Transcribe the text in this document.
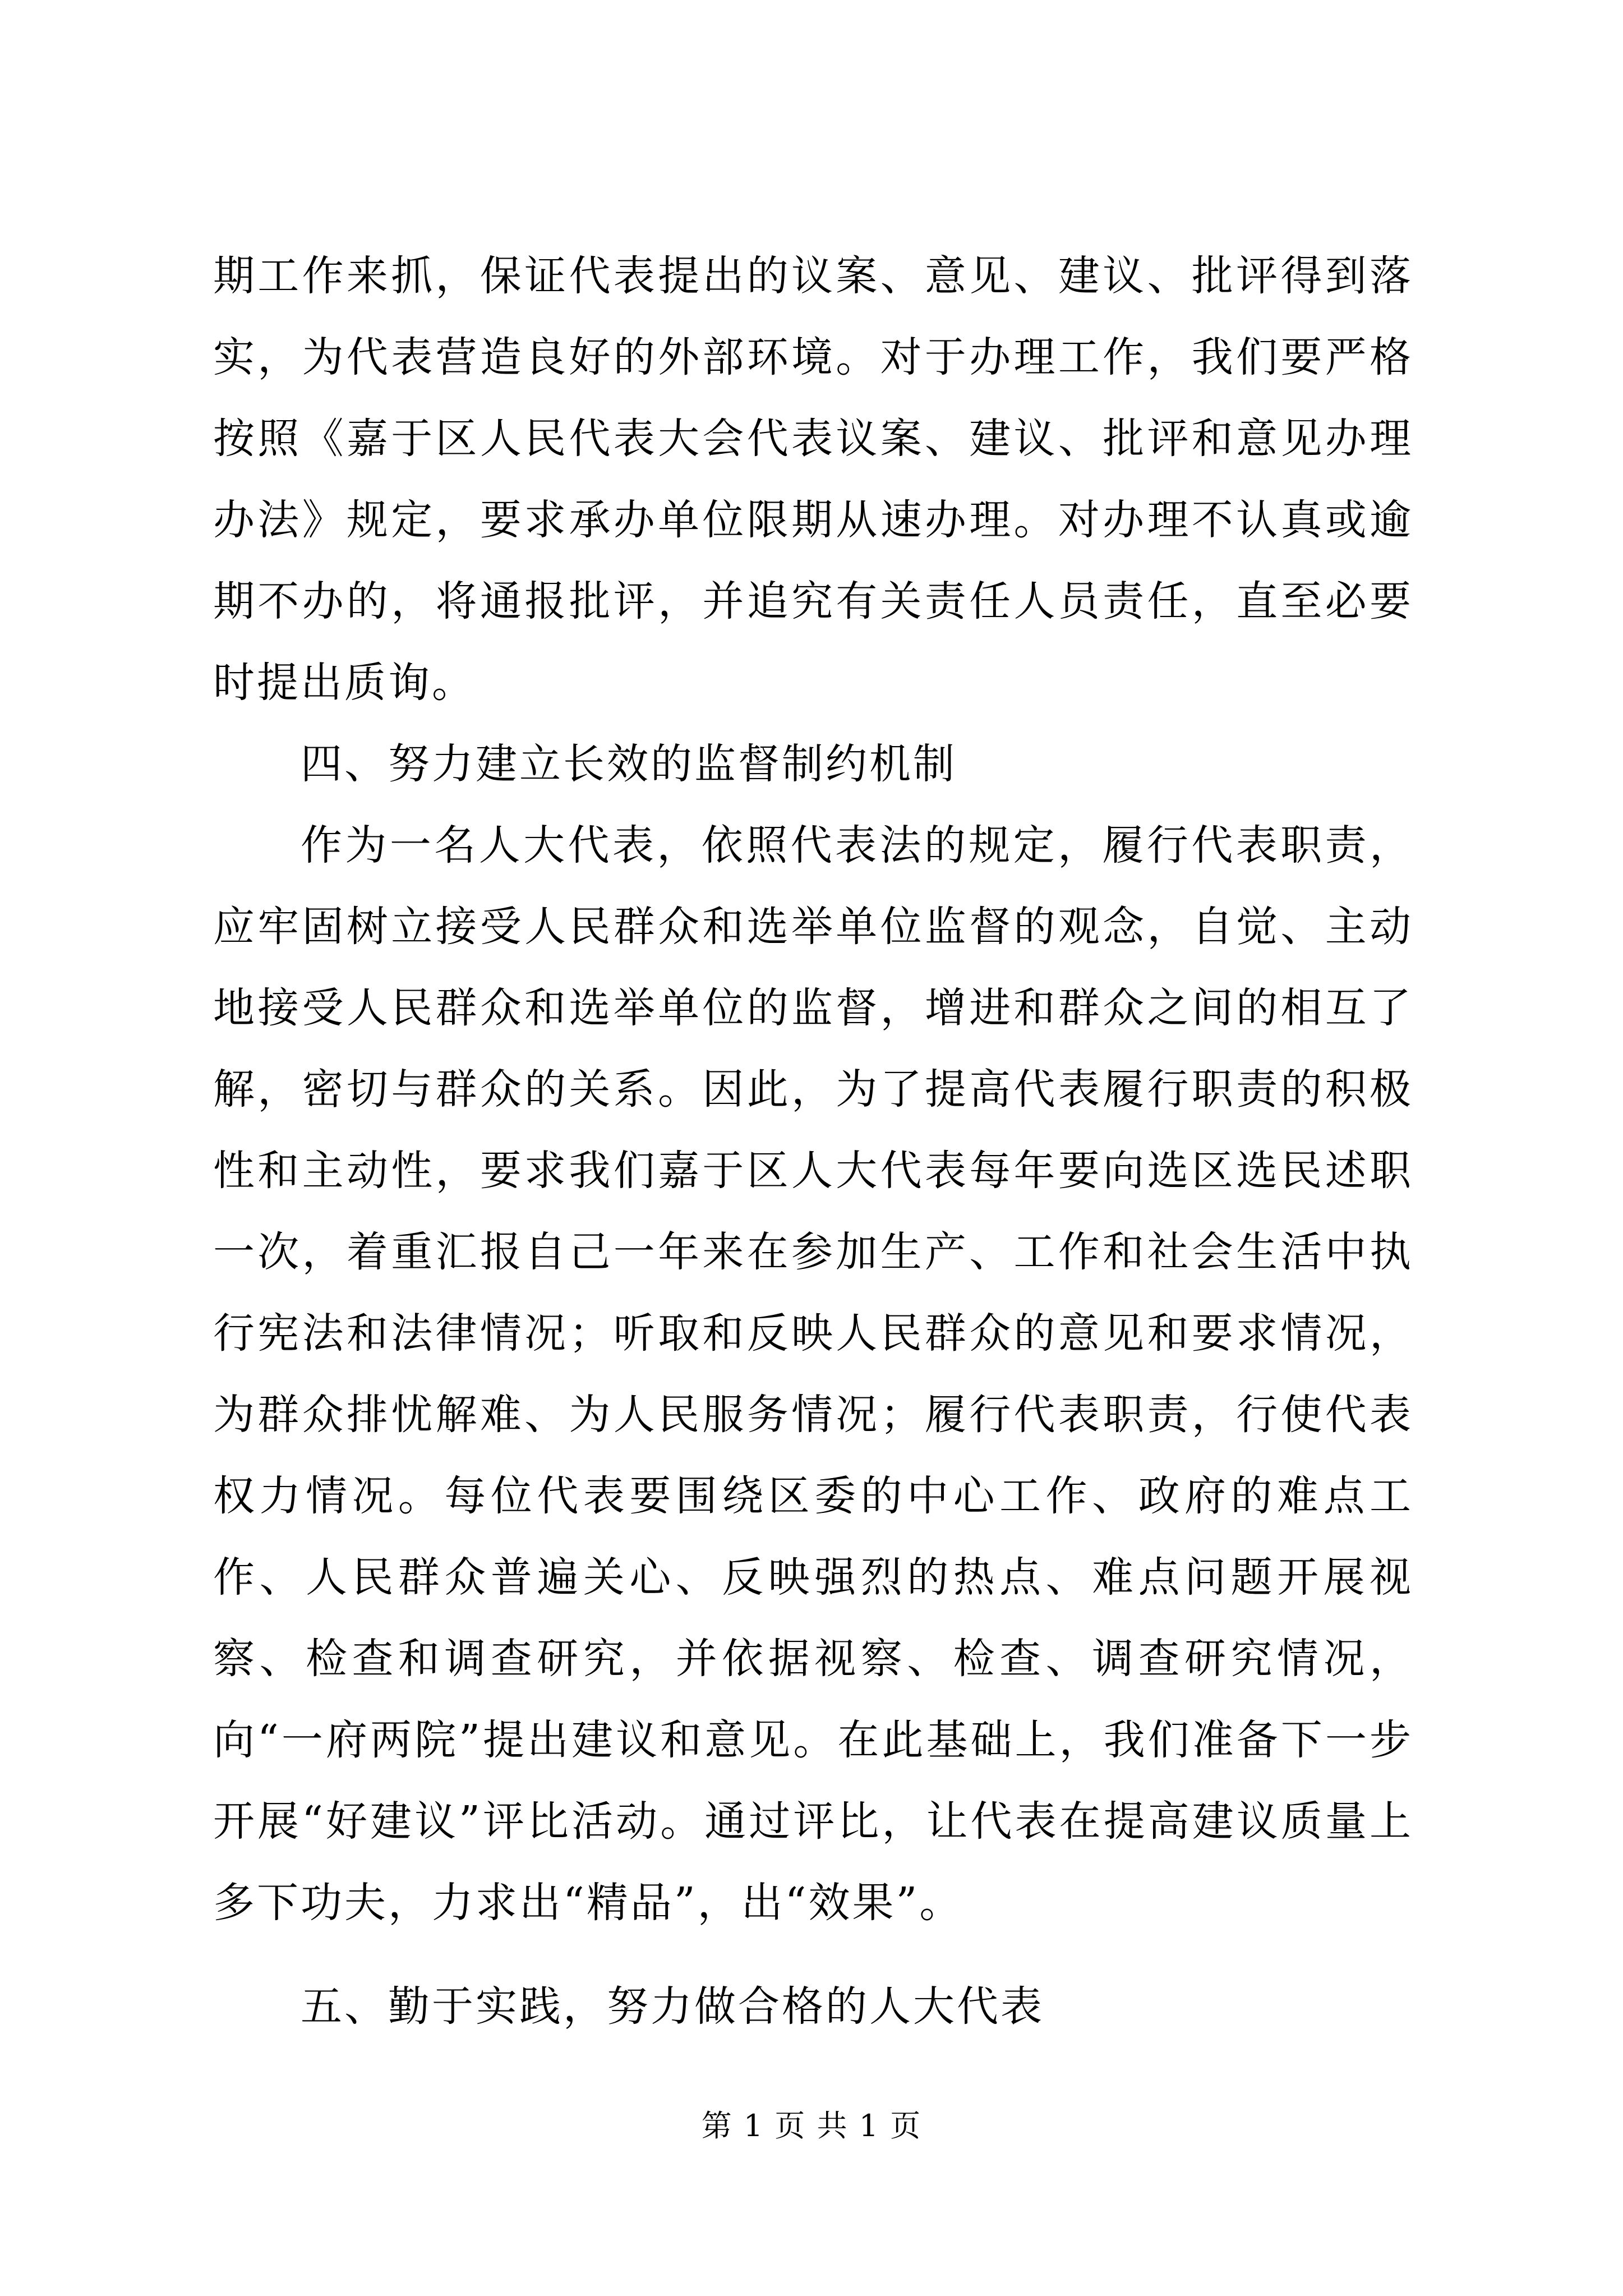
期工作来抓，保证代表提出的议案、意见、建议、批评得到落实，为代表营造良好的外部环境。对于办理工作，我们要严格按照《嘉于区人民代表大会代表议案、建议、批评和意见办理办法》规定，要求承办单位限期从速办理。对办理不认真或逾期不办的，将通报批评，并追究有关责任人员责任，直至必要时提出质询。

四、努力建立长效的监督制约机制

作为一名人大代表，依照代表法的规定，履行代表职责，应牢固树立接受人民群众和选举单位监督的观念，自觉、主动地接受人民群众和选举单位的监督，增进和群众之间的相互了解，密切与群众的关系。因此，为了提高代表履行职责的积极性和主动性，要求我们嘉于区人大代表每年要向选区选民述职一次，着重汇报自己一年来在参加生产、工作和社会生活中执行宪法和法律情况；听取和反映人民群众的意见和要求情况，为群众排忧解难、为人民服务情况；履行代表职责，行使代表权力情况。每位代表要围绕区委的中心工作、政府的难点工作、人民群众普遍关心、反映强烈的热点、难点问题开展视察、检查和调查研究，并依据视察、检查、调查研究情况，向“一府两院”提出建议和意见。在此基础上，我们准备下一步开展“好建议”评比活动。通过评比，让代表在提高建议质量上多下功夫，力求出“精品”，出“效果”。

五、勤于实践，努力做合格的人大代表

第 1 页 共 1 页
